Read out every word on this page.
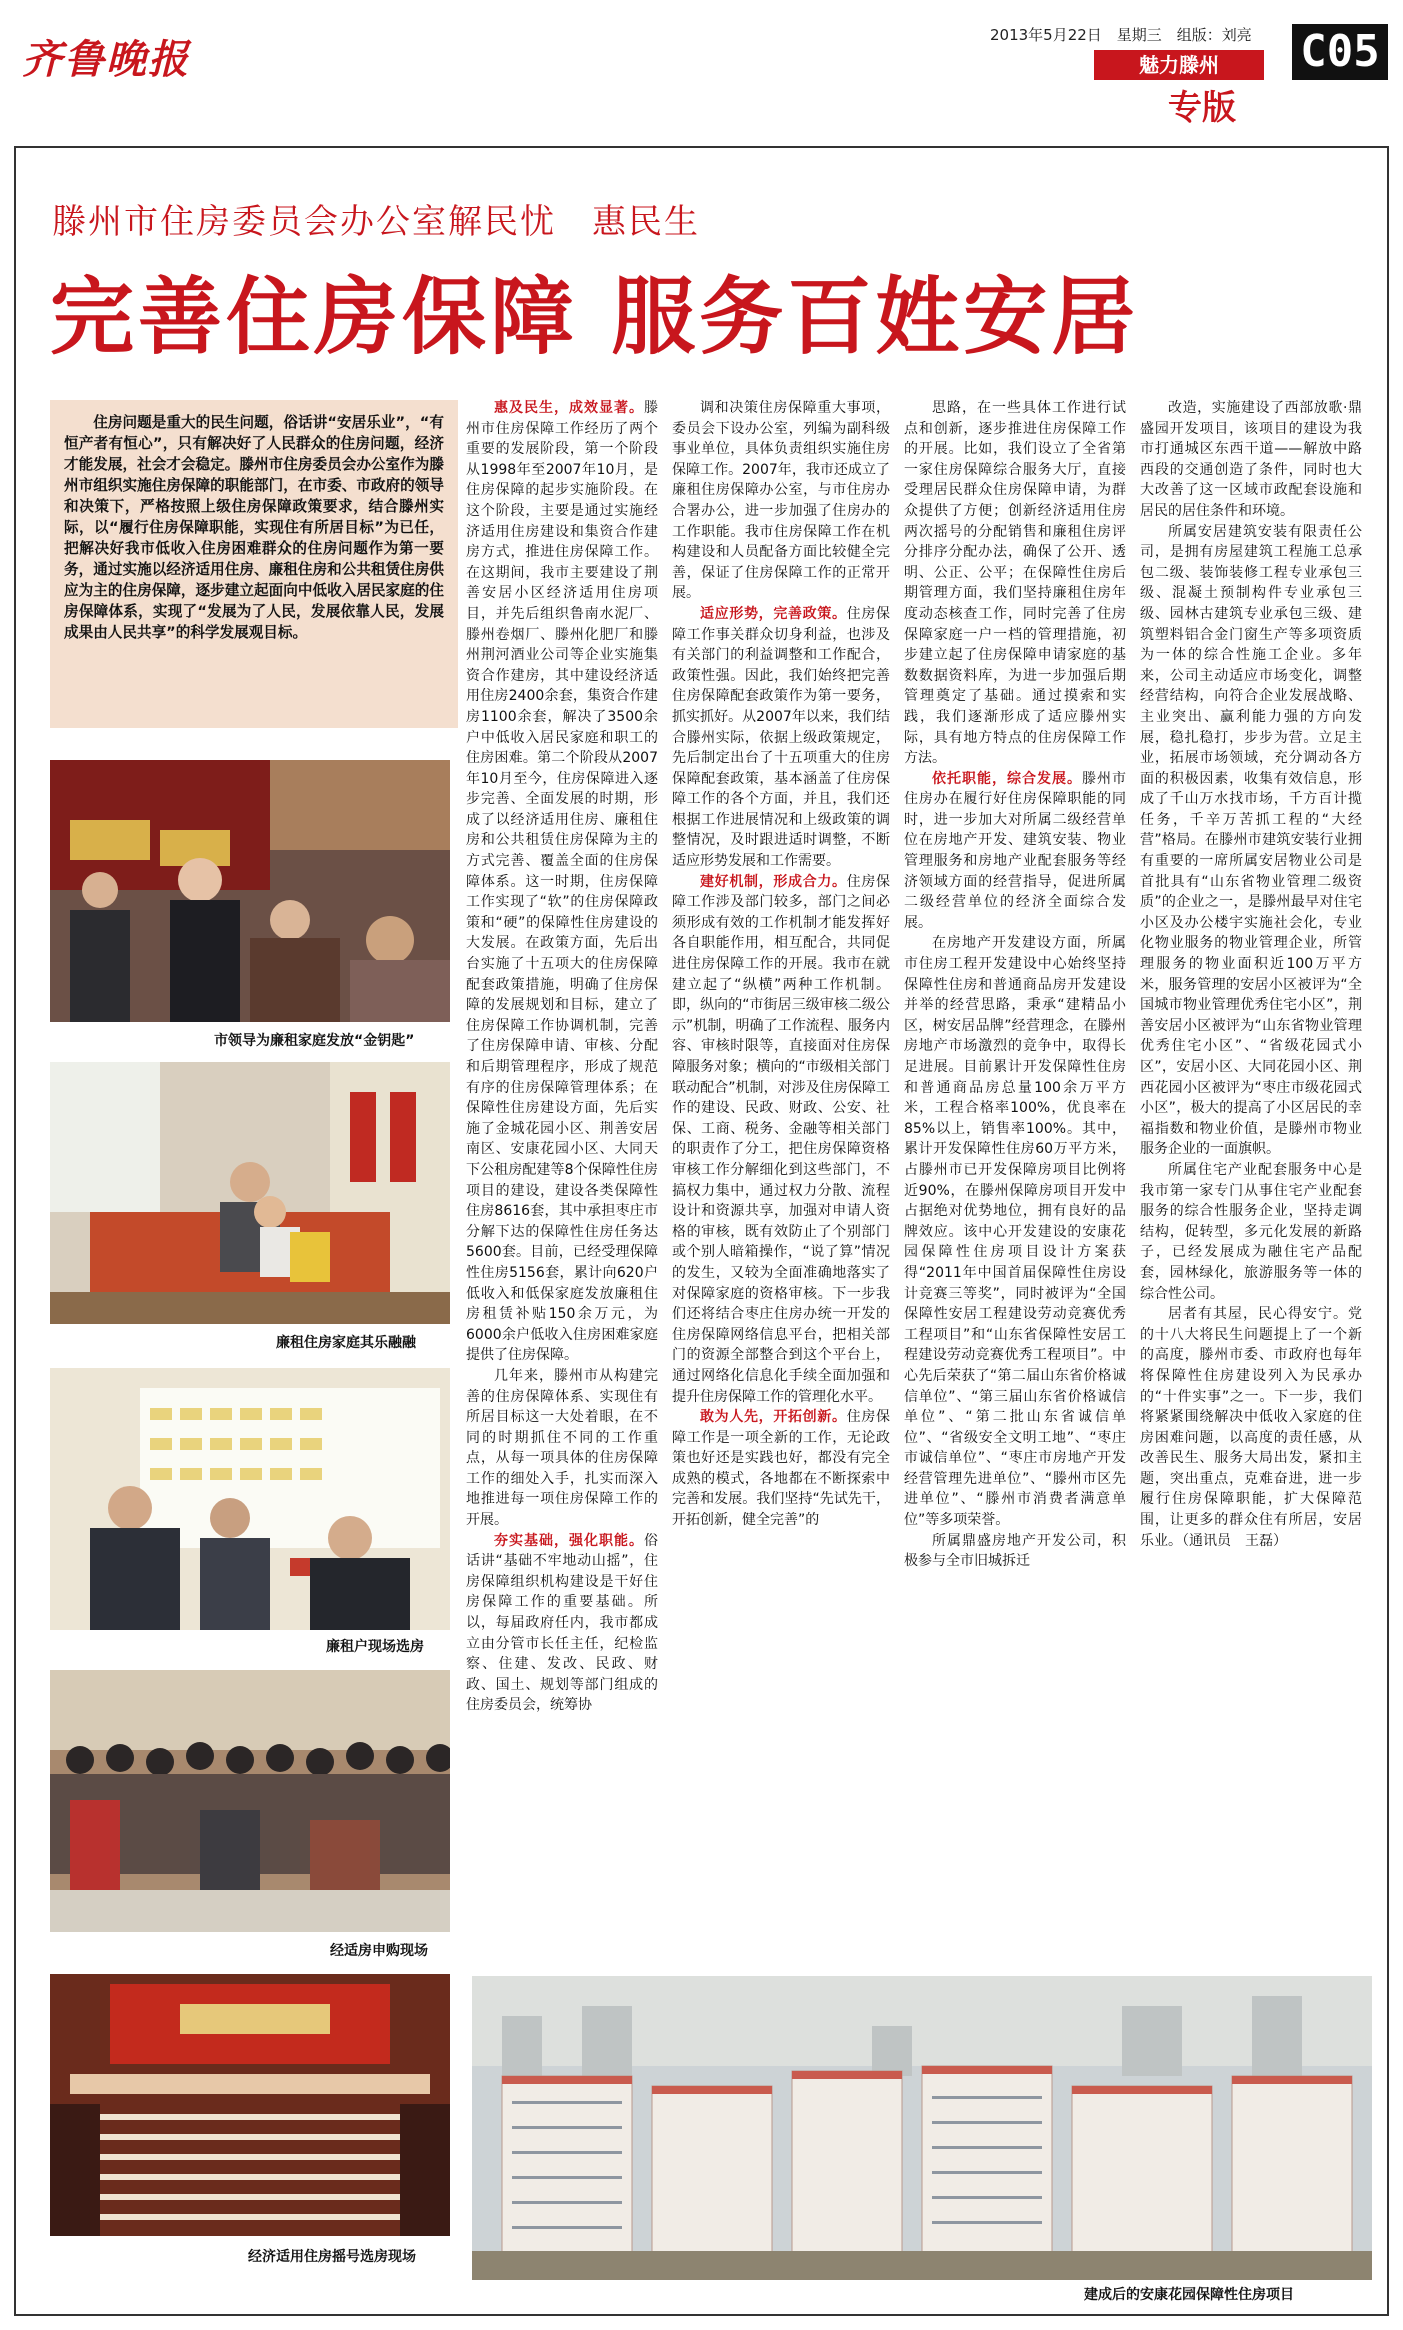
齐鲁晚报
2013年5月22日　星期三　组版：刘亮
魅力滕州
专版
C05
滕州市住房委员会办公室解民忧　惠民生
完善住房保障 服务百姓安居

住房问题是重大的民生问题，俗话讲“安居乐业”，“有恒产者有恒心”，只有解决好了人民群众的住房问题，经济才能发展，社会才会稳定。滕州市住房委员会办公室作为滕州市组织实施住房保障的职能部门，在市委、市政府的领导和决策下，严格按照上级住房保障政策要求，结合滕州实际，以“履行住房保障职能，实现住有所居目标”为已任，把解决好我市低收入住房困难群众的住房问题作为第一要务，通过实施以经济适用住房、廉租住房和公共租赁住房供应为主的住房保障，逐步建立起面向中低收入居民家庭的住房保障体系，实现了“发展为了人民，发展依靠人民，发展成果由人民共享”的科学发展观目标。

市领导为廉租家庭发放“金钥匙”
廉租住房家庭其乐融融
廉租户现场选房
经适房申购现场
经济适用住房摇号选房现场
建成后的安康花园保障性住房项目

惠及民生，成效显著。滕州市住房保障工作经历了两个重要的发展阶段，第一个阶段从1998年至2007年10月，是住房保障的起步实施阶段。在这个阶段，主要是通过实施经济适用住房建设和集资合作建房方式，推进住房保障工作。在这期间，我市主要建设了荆善安居小区经济适用住房项目，并先后组织鲁南水泥厂、滕州卷烟厂、滕州化肥厂和滕州荆河酒业公司等企业实施集资合作建房，其中建设经济适用住房2400余套，集资合作建房1100余套，解决了3500余户中低收入居民家庭和职工的住房困难。第二个阶段从2007年10月至今，住房保障进入逐步完善、全面发展的时期，形成了以经济适用住房、廉租住房和公共租赁住房保障为主的方式完善、覆盖全面的住房保障体系。这一时期，住房保障工作实现了“软”的住房保障政策和“硬”的保障性住房建设的大发展。在政策方面，先后出台实施了十五项大的住房保障配套政策措施，明确了住房保障的发展规划和目标，建立了住房保障工作协调机制，完善了住房保障申请、审核、分配和后期管理程序，形成了规范有序的住房保障管理体系；在保障性住房建设方面，先后实施了金城花园小区、荆善安居南区、安康花园小区、大同天下公租房配建等8个保障性住房项目的建设，建设各类保障性住房8616套，其中承担枣庄市分解下达的保障性住房任务达5600套。目前，已经受理保障性住房5156套，累计向620户低收入和低保家庭发放廉租住房租赁补贴150余万元，为6000余户低收入住房困难家庭提供了住房保障。

几年来，滕州市从构建完善的住房保障体系、实现住有所居目标这一大处着眼，在不同的时期抓住不同的工作重点，从每一项具体的住房保障工作的细处入手，扎实而深入地推进每一项住房保障工作的开展。

夯实基础，强化职能。俗话讲“基础不牢地动山摇”，住房保障组织机构建设是干好住房保障工作的重要基础。所以，每届政府任内，我市都成立由分管市长任主任，纪检监察、住建、发改、民政、财政、国土、规划等部门组成的住房委员会，统筹协

调和决策住房保障重大事项，委员会下设办公室，列编为副科级事业单位，具体负责组织实施住房保障工作。2007年，我市还成立了廉租住房保障办公室，与市住房办合署办公，进一步加强了住房办的工作职能。我市住房保障工作在机构建设和人员配备方面比较健全完善，保证了住房保障工作的正常开展。

适应形势，完善政策。住房保障工作事关群众切身利益，也涉及有关部门的利益调整和工作配合，政策性强。因此，我们始终把完善住房保障配套政策作为第一要务，抓实抓好。从2007年以来，我们结合滕州实际，依据上级政策规定，先后制定出台了十五项重大的住房保障配套政策，基本涵盖了住房保障工作的各个方面，并且，我们还根据工作进展情况和上级政策的调整情况，及时跟进适时调整，不断适应形势发展和工作需要。

建好机制，形成合力。住房保障工作涉及部门较多，部门之间必须形成有效的工作机制才能发挥好各自职能作用，相互配合，共同促进住房保障工作的开展。我市在就建立起了“纵横”两种工作机制。即，纵向的“市街居三级审核二级公示”机制，明确了工作流程、服务内容、审核时限等，直接面对住房保障服务对象；横向的“市级相关部门联动配合”机制，对涉及住房保障工作的建设、民政、财政、公安、社保、工商、税务、金融等相关部门的职责作了分工，把住房保障资格审核工作分解细化到这些部门，不搞权力集中，通过权力分散、流程设计和资源共享，加强对申请人资格的审核，既有效防止了个别部门或个别人暗箱操作，“说了算”情况的发生，又较为全面准确地落实了对保障家庭的资格审核。下一步我们还将结合枣庄住房办统一开发的住房保障网络信息平台，把相关部门的资源全部整合到这个平台上，通过网络化信息化手续全面加强和提升住房保障工作的管理化水平。

敢为人先，开拓创新。住房保障工作是一项全新的工作，无论政策也好还是实践也好，都没有完全成熟的模式，各地都在不断探索中完善和发展。我们坚持“先试先干，开拓创新，健全完善”的

思路，在一些具体工作进行试点和创新，逐步推进住房保障工作的开展。比如，我们设立了全省第一家住房保障综合服务大厅，直接受理居民群众住房保障申请，为群众提供了方便；创新经济适用住房两次摇号的分配销售和廉租住房评分排序分配办法，确保了公开、透明、公正、公平；在保障性住房后期管理方面，我们坚持廉租住房年度动态核查工作，同时完善了住房保障家庭一户一档的管理措施，初步建立起了住房保障申请家庭的基数数据资料库，为进一步加强后期管理奠定了基础。通过摸索和实践，我们逐渐形成了适应滕州实际，具有地方特点的住房保障工作方法。

依托职能，综合发展。滕州市住房办在履行好住房保障职能的同时，进一步加大对所属二级经营单位在房地产开发、建筑安装、物业管理服务和房地产业配套服务等经济领域方面的经营指导，促进所属二级经营单位的经济全面综合发展。

在房地产开发建设方面，所属市住房工程开发建设中心始终坚持保障性住房和普通商品房开发建设并举的经营思路，秉承“建精品小区，树安居品牌”经营理念，在滕州房地产市场激烈的竞争中，取得长足进展。目前累计开发保障性住房和普通商品房总量100余万平方米，工程合格率100%，优良率在85%以上，销售率100%。其中，累计开发保障性住房60万平方米，占滕州市已开发保障房项目比例将近90%，在滕州保障房项目开发中占据绝对优势地位，拥有良好的品牌效应。该中心开发建设的安康花园保障性住房项目设计方案获得“2011年中国首届保障性住房设计竞赛三等奖”，同时被评为“全国保障性安居工程建设劳动竞赛优秀工程项目”和“山东省保障性安居工程建设劳动竞赛优秀工程项目”。中心先后荣获了“第二届山东省价格诚信单位”、“第三届山东省价格诚信单位”、“第二批山东省诚信单位”、“省级安全文明工地”、“枣庄市诚信单位”、“枣庄市房地产开发经营管理先进单位”、“滕州市区先进单位”、“滕州市消费者满意单位”等多项荣誉。

所属鼎盛房地产开发公司，积极参与全市旧城拆迁

改造，实施建设了西部放歌·鼎盛园开发项目，该项目的建设为我市打通城区东西干道——解放中路西段的交通创造了条件，同时也大大改善了这一区域市政配套设施和居民的居住条件和环境。

所属安居建筑安装有限责任公司，是拥有房屋建筑工程施工总承包二级、装饰装修工程专业承包三级、混凝土预制构件专业承包三级、园林古建筑专业承包三级、建筑塑料铝合金门窗生产等多项资质为一体的综合性施工企业。多年来，公司主动适应市场变化，调整经营结构，向符合企业发展战略、主业突出、赢利能力强的方向发展，稳扎稳打，步步为营。立足主业，拓展市场领域，充分调动各方面的积极因素，收集有效信息，形成了千山万水找市场，千方百计揽任务，千辛万苦抓工程的“大经营”格局。在滕州市建筑安装行业拥有重要的一席所属安居物业公司是首批具有“山东省物业管理二级资质”的企业之一，是滕州最早对住宅小区及办公楼宇实施社会化，专业化物业服务的物业管理企业，所管理服务的物业面积近100万平方米，服务管理的安居小区被评为“全国城市物业管理优秀住宅小区”，荆善安居小区被评为“山东省物业管理优秀住宅小区”、“省级花园式小区”，安居小区、大同花园小区、荆西花园小区被评为“枣庄市级花园式小区”，极大的提高了小区居民的幸福指数和物业价值，是滕州市物业服务企业的一面旗帜。

所属住宅产业配套服务中心是我市第一家专门从事住宅产业配套服务的综合性服务企业，坚持走调结构，促转型，多元化发展的新路子，已经发展成为融住宅产品配套，园林绿化，旅游服务等一体的综合性公司。

居者有其屋，民心得安宁。党的十八大将民生问题提上了一个新的高度，滕州市委、市政府也每年将保障性住房建设列入为民承办的“十件实事”之一。下一步，我们将紧紧围绕解决中低收入家庭的住房困难问题，以高度的责任感，从改善民生、服务大局出发，紧扣主题，突出重点，克难奋进，进一步履行住房保障职能，扩大保障范围，让更多的群众住有所居，安居乐业。（通讯员　王磊）
